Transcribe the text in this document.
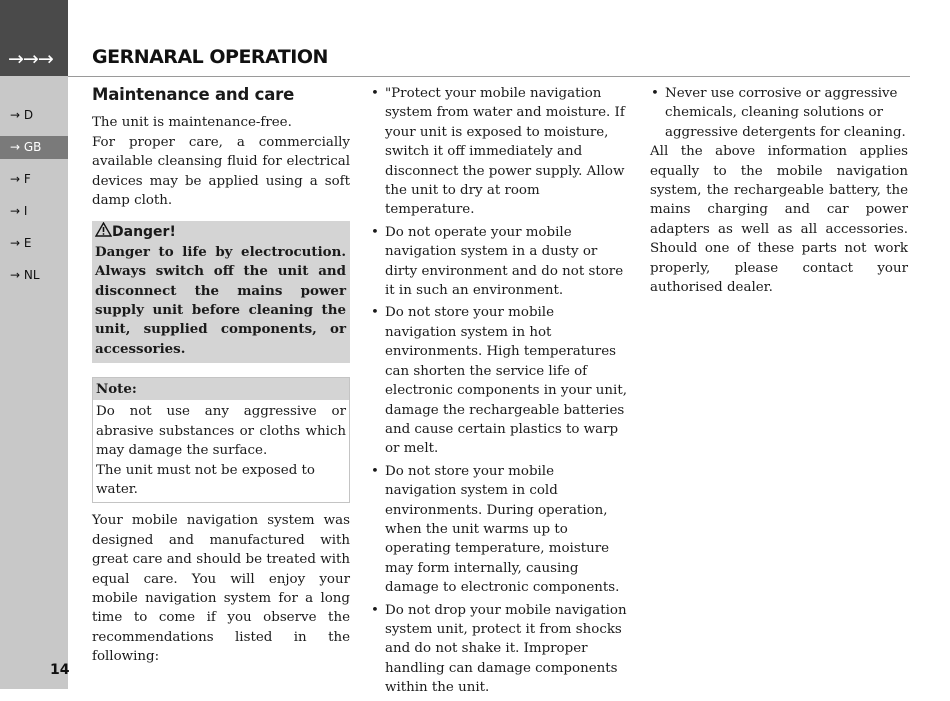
→→→
→ D
→ GB
→ F
→ I
→ E
→ NL
14
GERNARAL OPERATION
Maintenance and care

The unit is maintenance-free.
For proper care, a commercially available cleansing fluid for electrical devices may be applied using a soft damp cloth.

Danger!

Danger to life by electrocution. Always switch off the unit and disconnect the mains power supply unit before cleaning the unit, supplied components, or accessories.

Note:

Do not use any aggressive or abrasive substances or cloths which may damage the surface.

The unit must not be exposed to water.

Your mobile navigation system was designed and manufactured with great care and should be treated with equal care. You will enjoy your mobile navigation system for a long time to come if you observe the recommendations listed in the following:

• "Protect your mobile navigation system from water and moisture. If your unit is exposed to moisture, switch it off immediately and disconnect the power supply. Allow the unit to dry at room temperature.
• Do not operate your mobile navigation system in a dusty or dirty environment and do not store it in such an environment.
• Do not store your mobile navigation system in hot environments. High temperatures can shorten the service life of electronic components in your unit, damage the rechargeable batteries and cause certain plastics to warp or melt.
• Do not store your mobile navigation system in cold environments. During operation, when the unit warms up to operating temperature, moisture may form internally, causing damage to electronic components.
• Do not drop your mobile navigation system unit, protect it from shocks and do not shake it. Improper handling can damage components within the unit.
• Never use corrosive or aggressive chemicals, cleaning solutions or aggressive detergents for cleaning.

All the above information applies equally to the mobile navigation system, the rechargeable battery, the mains charging and car power adapters as well as all accessories. Should one of these parts not work properly, please contact your authorised dealer.
